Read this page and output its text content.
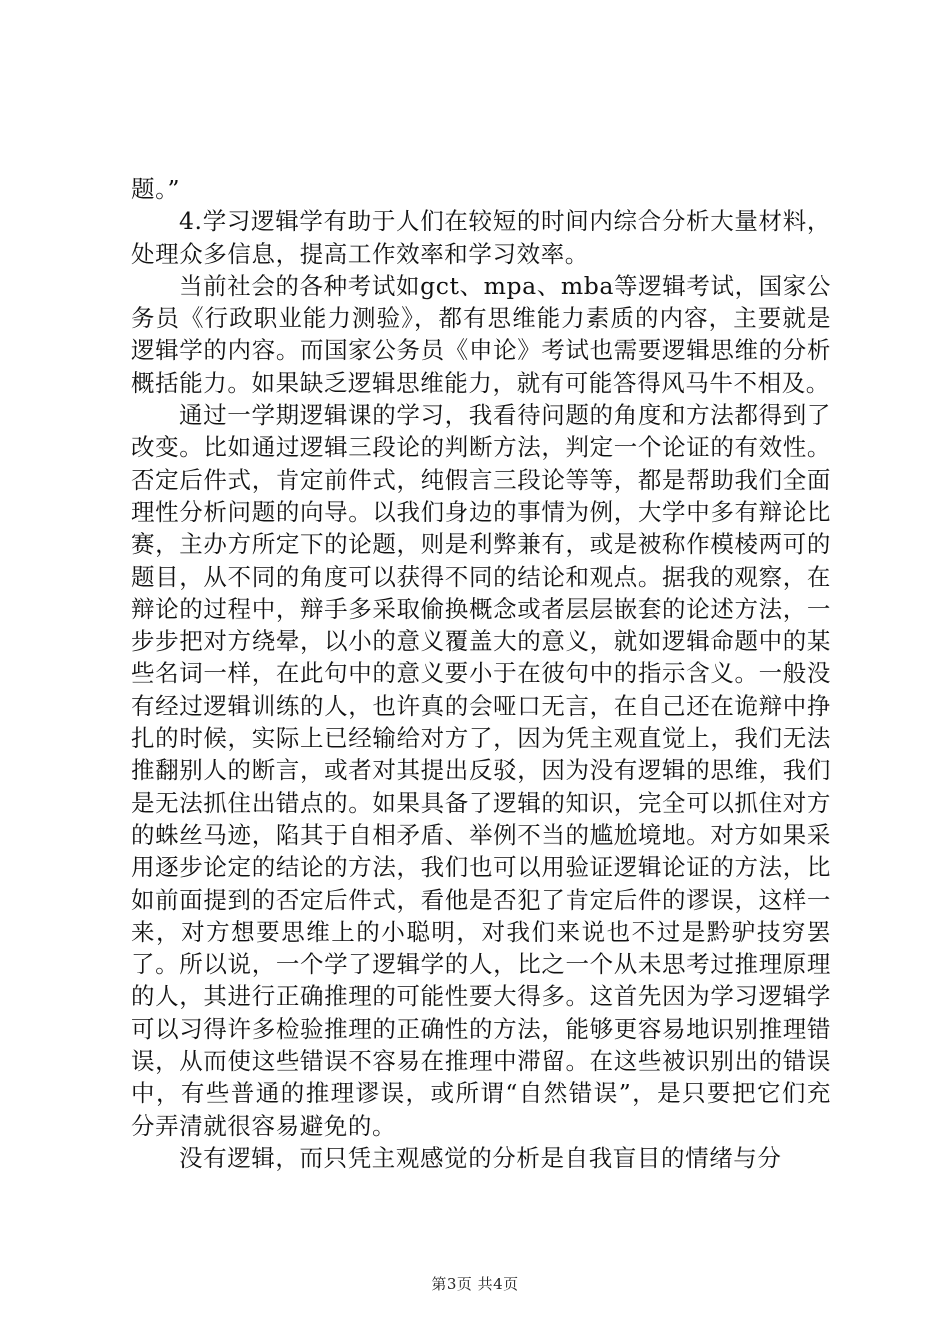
题。”

4.学习逻辑学有助于人们在较短的时间内综合分析大量材料，处理众多信息，提高工作效率和学习效率。

当前社会的各种考试如gct、mpa、mba等逻辑考试，国家公务员《行政职业能力测验》，都有思维能力素质的内容，主要就是逻辑学的内容。而国家公务员《申论》考试也需要逻辑思维的分析概括能力。如果缺乏逻辑思维能力，就有可能答得风马牛不相及。

通过一学期逻辑课的学习，我看待问题的角度和方法都得到了改变。比如通过逻辑三段论的判断方法，判定一个论证的有效性。否定后件式，肯定前件式，纯假言三段论等等，都是帮助我们全面理性分析问题的向导。以我们身边的事情为例，大学中多有辩论比赛，主办方所定下的论题，则是利弊兼有，或是被称作模棱两可的题目，从不同的角度可以获得不同的结论和观点。据我的观察，在辩论的过程中，辩手多采取偷换概念或者层层嵌套的论述方法，一步步把对方绕晕，以小的意义覆盖大的意义，就如逻辑命题中的某些名词一样，在此句中的意义要小于在彼句中的指示含义。一般没有经过逻辑训练的人，也许真的会哑口无言，在自己还在诡辩中挣扎的时候，实际上已经输给对方了，因为凭主观直觉上，我们无法推翻别人的断言，或者对其提出反驳，因为没有逻辑的思维，我们是无法抓住出错点的。如果具备了逻辑的知识，完全可以抓住对方的蛛丝马迹，陷其于自相矛盾、举例不当的尴尬境地。对方如果采用逐步论定的结论的方法，我们也可以用验证逻辑论证的方法，比如前面提到的否定后件式，看他是否犯了肯定后件的谬误，这样一来，对方想要思维上的小聪明，对我们来说也不过是黔驴技穷罢了。所以说，一个学了逻辑学的人，比之一个从未思考过推理原理的人，其进行正确推理的可能性要大得多。这首先因为学习逻辑学可以习得许多检验推理的正确性的方法，能够更容易地识别推理错误，从而使这些错误不容易在推理中滞留。在这些被识别出的错误中，有些普通的推理谬误，或所谓“自然错误”，是只要把它们充分弄清就很容易避免的。

没有逻辑，而只凭主观感觉的分析是自我盲目的情绪与分

第3页 共4页
